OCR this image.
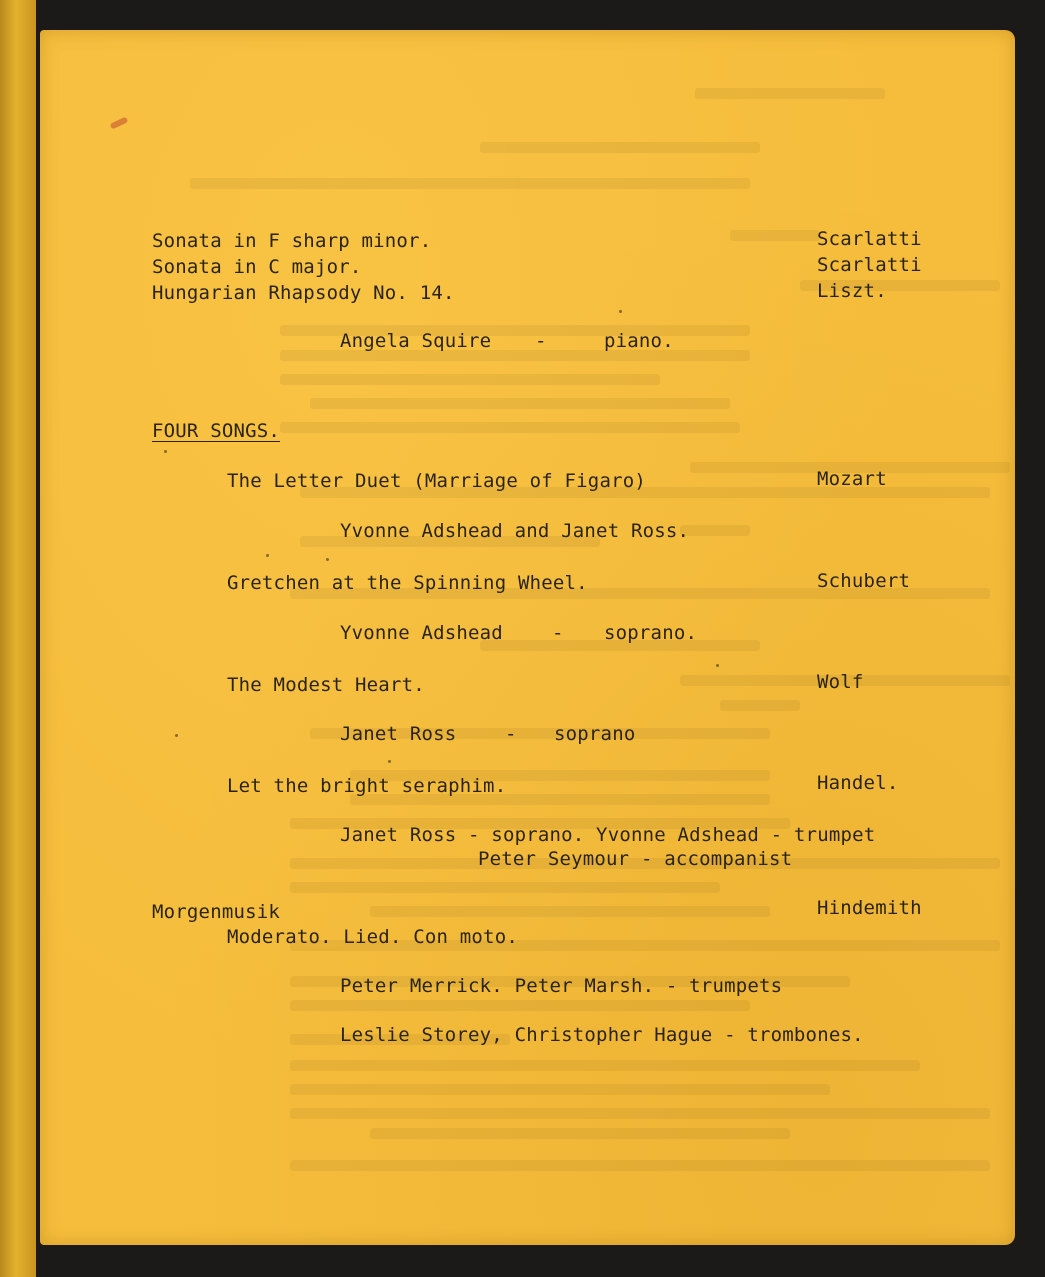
Sonata in F sharp minor.	Scarlatti
Sonata in C major.	Scarlatti
Hungarian Rhapsody No. 14.	Liszt.
Angela Squire -	piano.
FOUR SONGS.
The Letter Duet (Marriage of Figaro)	Mozart
Yvonne Adshead and Janet Ross.
Gretchen at the Spinning Wheel.	Schubert
Yvonne Adshead	- soprano.
The Modest Heart.	Wolf
Janet Ross	- soprano
Let the bright seraphim.	Handel.
Janet Ross - soprano. Yvonne Adshead - trumpet
Peter Seymour - accompanist
Morgenmusik	Hindemith
Moderato. Lied. Con moto.
Peter Merrick. Peter Marsh. - trumpets
Leslie Storey, Christopher Hague - trombones.
